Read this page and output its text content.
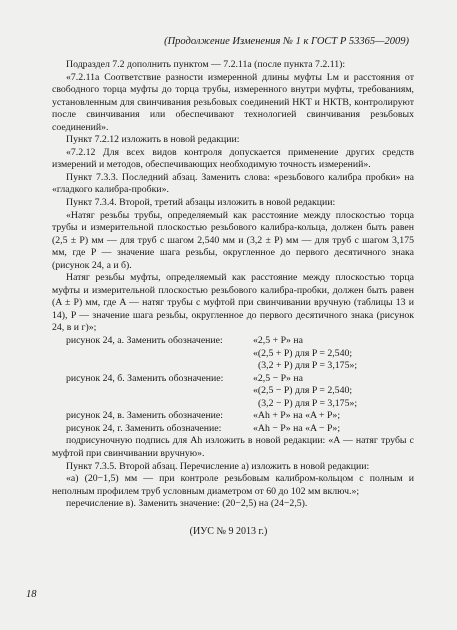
(Продолжение Изменения № 1 к ГОСТ Р 53365—2009)

Подраздел 7.2 дополнить пунктом — 7.2.11а (после пункта 7.2.11):

«7.2.11а Соответствие разности измеренной длины муфты Lм и расстояния от свободного торца муфты до торца трубы, измеренного внутри муфты, требованиям, установленным для свинчивания резьбовых соединений НКТ и НКТВ, контролируют после свинчивания или обеспечивают технологией свинчивания резьбовых соединений».

Пункт 7.2.12 изложить в новой редакции:

«7.2.12 Для всех видов контроля допускается применение других средств измерений и методов, обеспечивающих необходимую точность измерений».

Пункт 7.3.3. Последний абзац. Заменить слова: «резьбового калибра пробки» на «гладкого калибра-пробки».

Пункт 7.3.4. Второй, третий абзацы изложить в новой редакции:

«Натяг резьбы трубы, определяемый как расстояние между плоскостью торца трубы и измерительной плоскостью резьбового калибра-кольца, должен быть равен (2,5 ± P) мм — для труб с шагом 2,540 мм и (3,2 ± P) мм — для труб с шагом 3,175 мм, где P — значение шага резьбы, округленное до первого десятичного знака (рисунок 24, а и б).

Натяг резьбы муфты, определяемый как расстояние между плоскостью торца муфты и измерительной плоскостью резьбового калибра-пробки, должен быть равен (A ± P) мм, где A — натяг трубы с муфтой при свинчивании вручную (таблицы 13 и 14), P — значение шага резьбы, округленное до первого десятичного знака (рисунок 24, в и г)»;

рисунок 24, а. Заменить обозначение:	«2,5 + P» на
«(2,5 + P) для P = 2,540;
(3,2 + P) для P = 3,175»;
рисунок 24, б. Заменить обозначение:	«2,5 − P» на
«(2,5 − P) для P = 2,540;
(3,2 − P) для P = 3,175»;
рисунок 24, в. Заменить обозначение:	«Ah + P» на «A + P»;
рисунок 24, г. Заменить обозначение:	«Ah − P» на «A − P»;

подрисуночную подпись для Ah изложить в новой редакции: «A — натяг трубы с муфтой при свинчивании вручную».

Пункт 7.3.5. Второй абзац. Перечисление а) изложить в новой редакции:

«а) (20−1,5) мм — при контроле резьбовым калибром-кольцом с полным и неполным профилем труб условным диаметром от 60 до 102 мм включ.»;

перечисление в). Заменить значение: (20−2,5) на (24−2,5).

(ИУС № 9 2013 г.)
18
